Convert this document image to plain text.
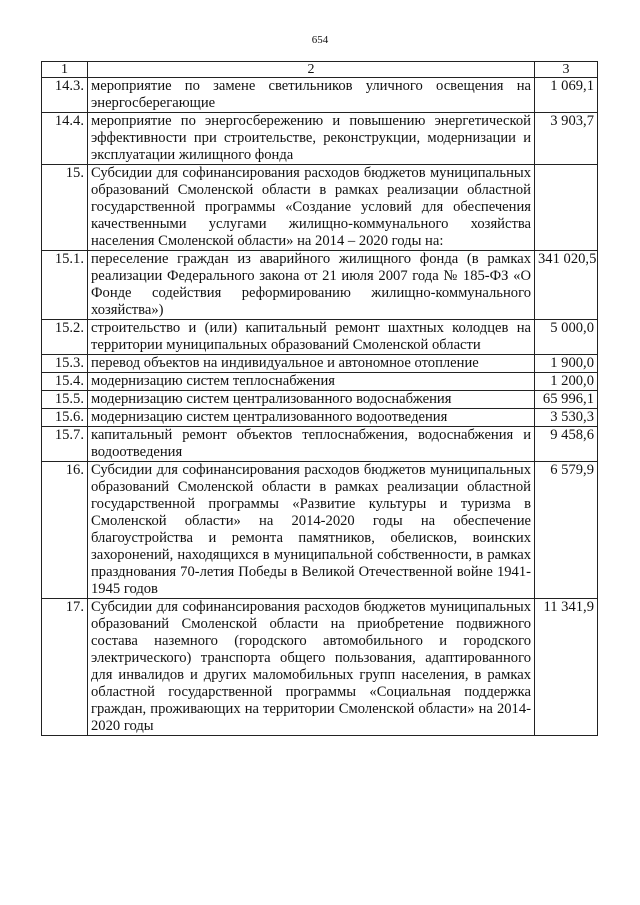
654
1	2	3
14.3.	мероприятие по замене светильников уличного освещения на энергосберегающие	1 069,1
14.4.	мероприятие по энергосбережению и повышению энергетической эффективности при строительстве, реконструкции, модернизации и эксплуатации жилищного фонда	3 903,7
15.	Субсидии для софинансирования расходов бюджетов муниципальных образований Смоленской области в рамках реализации областной государственной программы «Создание условий для обеспечения качественными услугами жилищно-коммунального хозяйства населения Смоленской области» на 2014 – 2020 годы на:	
15.1.	переселение граждан из аварийного жилищного фонда (в рамках реализации Федерального закона от 21 июля 2007 года № 185-ФЗ «О Фонде содействия реформированию жилищно-коммунального хозяйства»)	341 020,5
15.2.	строительство и (или) капитальный ремонт шахтных колодцев на территории муниципальных образований Смоленской области	5 000,0
15.3.	перевод объектов на индивидуальное и автономное отопление	1 900,0
15.4.	модернизацию систем теплоснабжения	1 200,0
15.5.	модернизацию систем централизованного водоснабжения	65 996,1
15.6.	модернизацию систем централизованного водоотведения	3 530,3
15.7.	капитальный ремонт объектов теплоснабжения, водоснабжения и водоотведения	9 458,6
16.	Субсидии для софинансирования расходов бюджетов муниципальных образований Смоленской области в рамках реализации областной государственной программы «Развитие культуры и туризма в Смоленской области» на 2014-2020 годы на обеспечение благоустройства и ремонта памятников, обелисков, воинских захоронений, находящихся в муниципальной собственности, в рамках празднования 70-летия Победы в Великой Отечественной войне 1941-1945 годов	6 579,9
17.	Субсидии для софинансирования расходов бюджетов муниципальных образований Смоленской области на приобретение подвижного состава наземного (городского автомобильного и городского электрического) транспорта общего пользования, адаптированного для инвалидов и других маломобильных групп населения, в рамках областной государственной программы «Социальная поддержка граждан, проживающих на территории Смоленской области» на 2014-2020 годы	11 341,9
